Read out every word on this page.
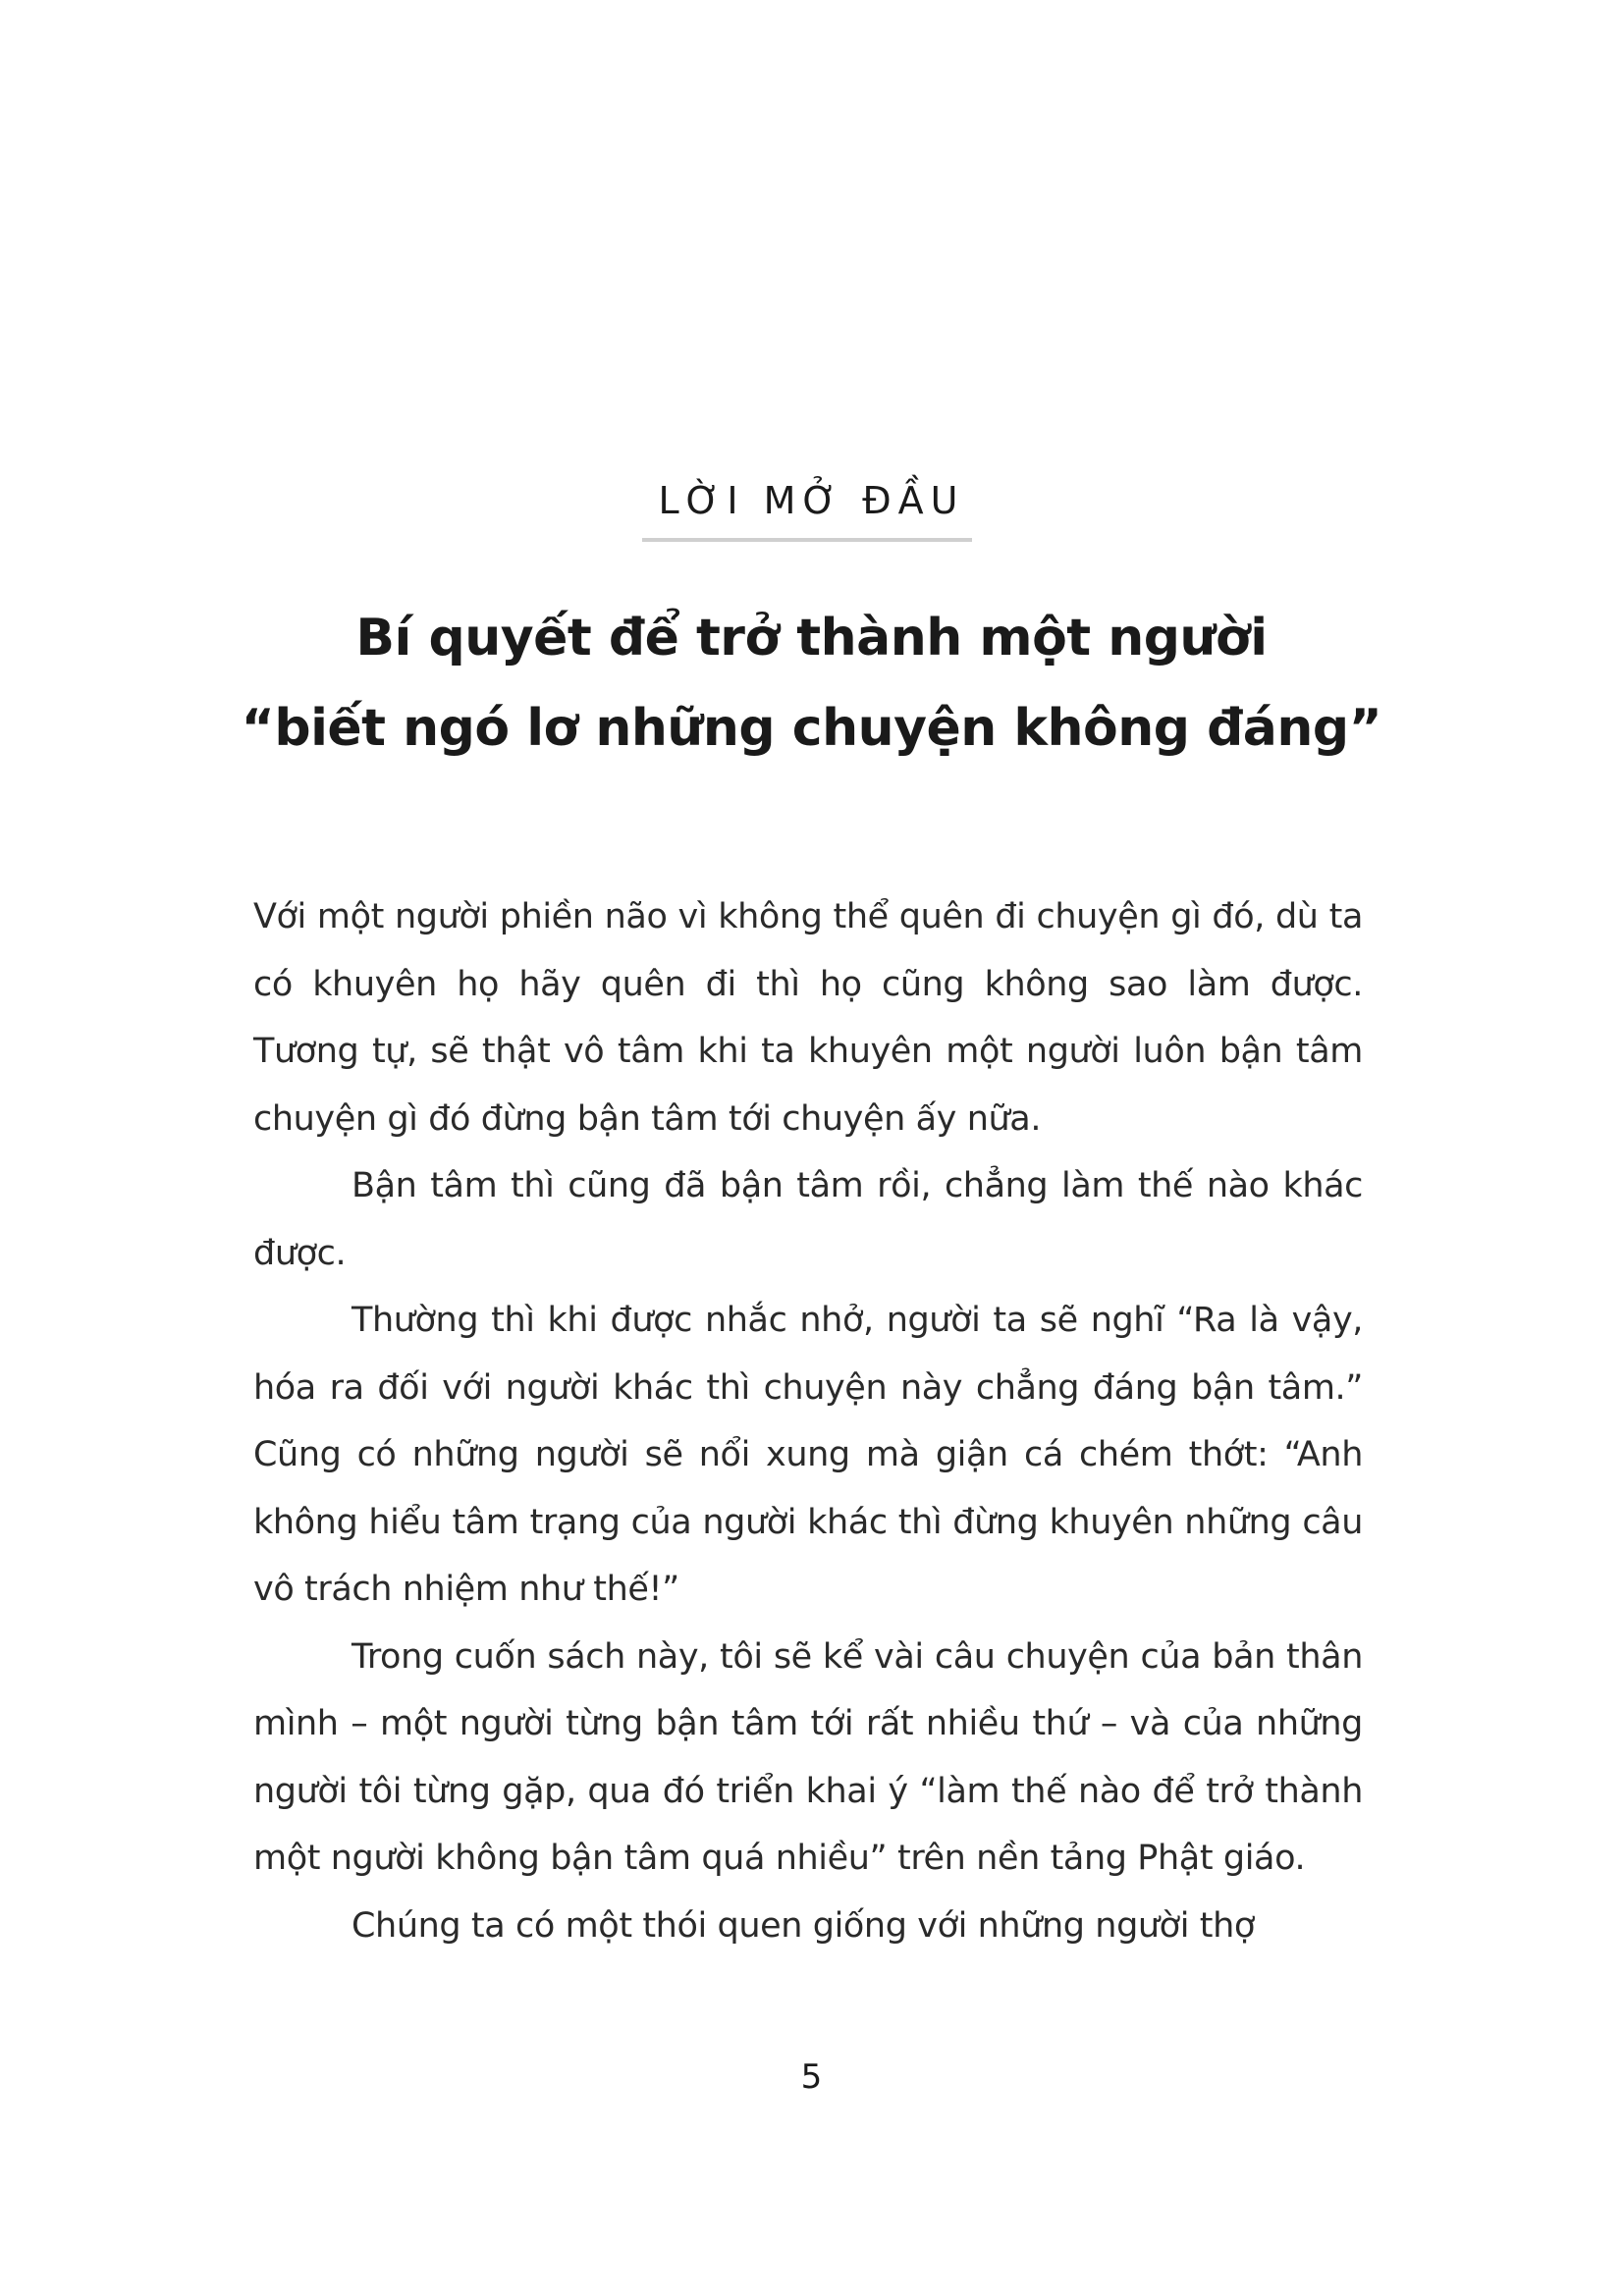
LỜI MỞ ĐẦU
Bí quyết để trở thành một người
“biết ngó lơ những chuyện không đáng”

Với một người phiền não vì không thể quên đi chuyện gì đó, dù ta có khuyên họ hãy quên đi thì họ cũng không sao làm được. Tương tự, sẽ thật vô tâm khi ta khuyên một người luôn bận tâm chuyện gì đó đừng bận tâm tới chuyện ấy nữa.

Bận tâm thì cũng đã bận tâm rồi, chẳng làm thế nào khác được.

Thường thì khi được nhắc nhở, người ta sẽ nghĩ “Ra là vậy, hóa ra đối với người khác thì chuyện này chẳng đáng bận tâm.” Cũng có những người sẽ nổi xung mà giận cá chém thớt: “Anh không hiểu tâm trạng của người khác thì đừng khuyên những câu vô trách nhiệm như thế!”

Trong cuốn sách này, tôi sẽ kể vài câu chuyện của bản thân mình – một người từng bận tâm tới rất nhiều thứ – và của những người tôi từng gặp, qua đó triển khai ý “làm thế nào để trở thành một người không bận tâm quá nhiều” trên nền tảng Phật giáo.

Chúng ta có một thói quen giống với những người thợ

5
